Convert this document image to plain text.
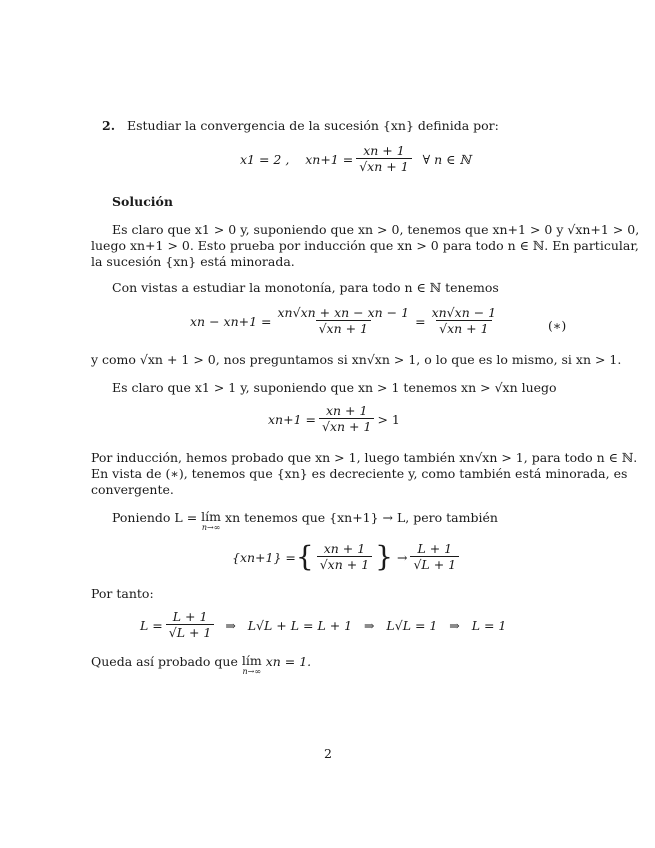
2. Estudiar la convergencia de la sucesión {xn} definida por:
x1 = 2 ,
$xn+1 = \frac{xn + 1}{√xn + 1}$
∀ n ∈ ℕ
Solución
Es claro que x1 > 0 y, suponiendo que xn > 0, tenemos que xn+1 > 0 y √xn+1 > 0,
luego xn+1 > 0. Esto prueba por inducción que xn > 0 para todo n ∈ ℕ. En particular,
la sucesión {xn} está minorada.
Con vistas a estudiar la monotonía, para todo n ∈ ℕ tenemos
xn − $xn+1 = \frac{xn√xn + xn - xn - 1}{√xn + 1} = \frac{xn√xn - 1}{√xn + 1}$	(∗)
y como √xn + 1 > 0, nos preguntamos si xn√xn > 1, o lo que es lo mismo, si xn > 1.
Es claro que x1 > 1 y, suponiendo que xn > 1 tenemos xn > √xn luego
$xn+1 = \frac{xn + 1}{√xn + 1} > 1$
Por inducción, hemos probado que xn > 1, luego también xn√xn > 1, para todo n ∈ ℕ.
En vista de (∗), tenemos que {xn} es decreciente y, como también está minorada, es
convergente.
Poniendo L = lím
n→∞
xn tenemos que {xn+1} → L, pero también
{xn+1} = { $\frac{xn + 1}{√xn + 1}$ }
→ $\frac{L + 1}{√L + 1}$
Por tanto:
$L = \frac{L + 1}{√L + 1}$
⇒   L√L + L = L + 1   ⇒   L√L = 1   ⇒   L = 1
Queda así probado que lím
n→∞
xn = 1.
2
